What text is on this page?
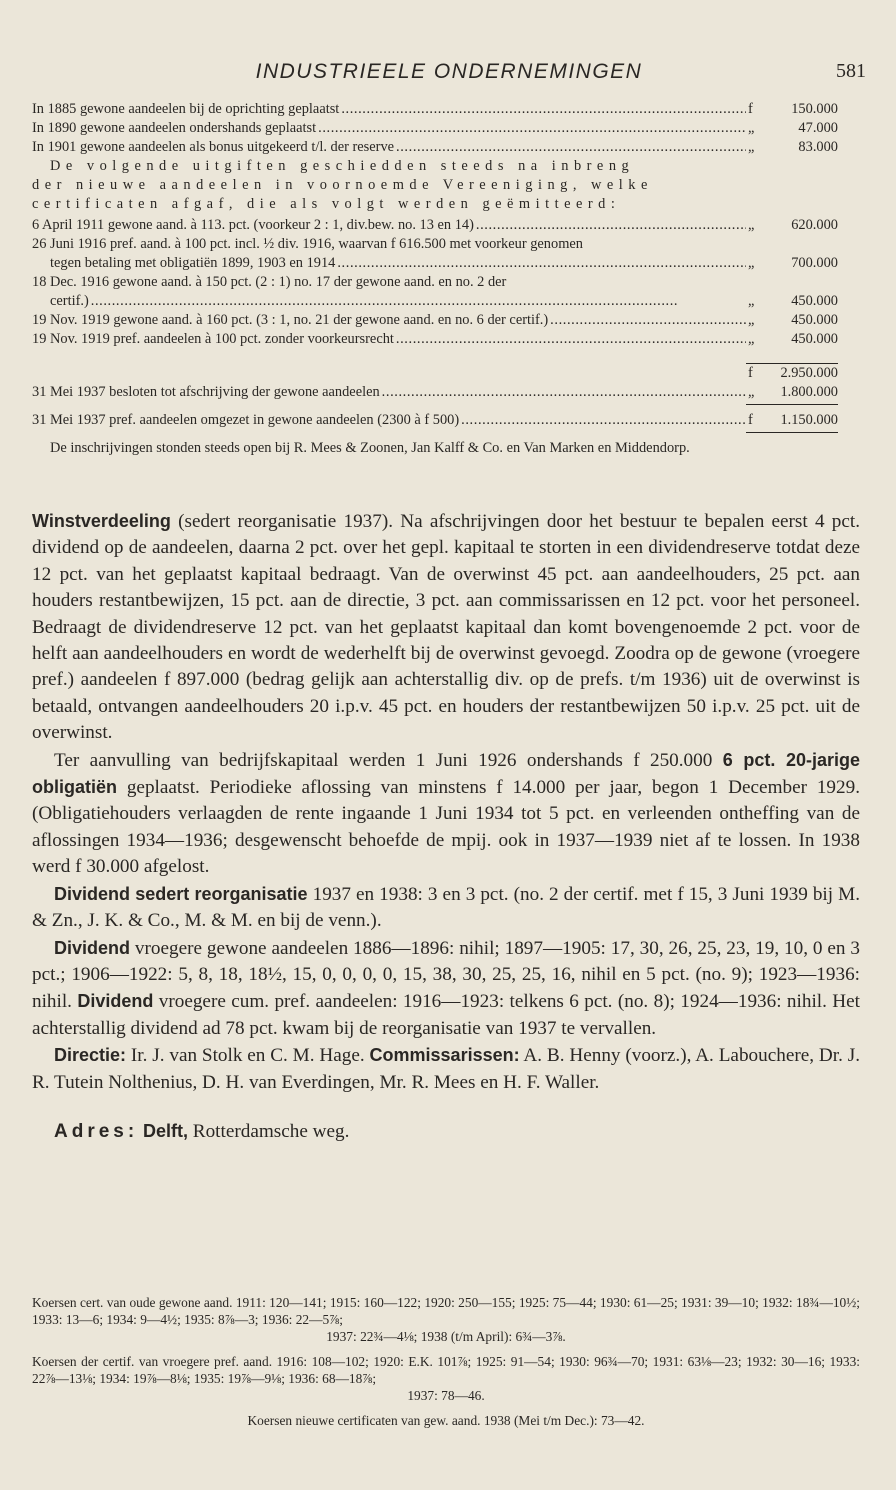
INDUSTRIEELE ONDERNEMINGEN	581
In 1885 gewone aandeelen bij de oprichting geplaatst . . .	f	150.000
In 1890 gewone aandeelen ondershands geplaatst . . .	„	47.000
In 1901 gewone aandeelen als bonus uitgekeerd t/l. der reserve . . .	„	83.000
De volgende uitgiften geschiedden steeds na inbreng
der nieuwe aandeelen in voornoemde Vereeniging, welke
certificaten afgaf, die als volgt werden geëmitteerd:
6 April 1911 gewone aand. à 113. pct. (voorkeur 2 : 1, div.bew. no. 13 en 14) . . .	„	620.000
26 Juni 1916 pref. aand. à 100 pct. incl. ½ div. 1916, waarvan f 616.500 met voorkeur genomen
tegen betaling met obligatiën 1899, 1903 en 1914 . . .	„	700.000
18 Dec. 1916 gewone aand. à 150 pct. (2 : 1) no. 17 der gewone aand. en no. 2 der
certif.) . . .	„	450.000
19 Nov. 1919 gewone aand. à 160 pct. (3 : 1, no. 21 der gewone aand. en no. 6 der certif.) . . .	„	450.000
19 Nov. 1919 pref. aandeelen à 100 pct. zonder voorkeursrecht . . .	„	450.000
f	2.950.000
31 Mei 1937 besloten tot afschrijving der gewone aandeelen . . .	„	1.800.000
31 Mei 1937 pref. aandeelen omgezet in gewone aandeelen (2300 à f 500) . . .	f	1.150.000
De inschrijvingen stonden steeds open bij R. Mees & Zoonen, Jan Kalff & Co. en Van Marken en Middendorp.

Winstverdeeling (sedert reorganisatie 1937). Na afschrijvingen door het bestuur te bepalen eerst 4 pct. dividend op de aandeelen, daarna 2 pct. over het gepl. kapitaal te storten in een dividendreserve totdat deze 12 pct. van het geplaatst kapitaal bedraagt. Van de overwinst 45 pct. aan aandeelhouders, 25 pct. aan houders restantbewijzen, 15 pct. aan de directie, 3 pct. aan commissarissen en 12 pct. voor het personeel. Bedraagt de dividendreserve 12 pct. van het geplaatst kapitaal dan komt bovengenoemde 2 pct. voor de helft aan aandeelhouders en wordt de wederhelft bij de overwinst gevoegd. Zoodra op de gewone (vroegere pref.) aandeelen f 897.000 (bedrag gelijk aan achterstallig div. op de prefs. t/m 1936) uit de overwinst is betaald, ontvangen aandeelhouders 20 i.p.v. 45 pct. en houders der restantbewijzen 50 i.p.v. 25 pct. uit de overwinst.

Ter aanvulling van bedrijfskapitaal werden 1 Juni 1926 ondershands f 250.000 6 pct. 20-jarige obligatiën geplaatst. Periodieke aflossing van minstens f 14.000 per jaar, begon 1 December 1929. (Obligatiehouders verlaagden de rente ingaande 1 Juni 1934 tot 5 pct. en verleenden ontheffing van de aflossingen 1934—1936; desgewenscht behoefde de mpij. ook in 1937—1939 niet af te lossen. In 1938 werd f 30.000 afgelost.

Dividend sedert reorganisatie 1937 en 1938: 3 en 3 pct. (no. 2 der certif. met f 15, 3 Juni 1939 bij M. & Zn., J. K. & Co., M. & M. en bij de venn.).

Dividend vroegere gewone aandeelen 1886—1896: nihil; 1897—1905: 17, 30, 26, 25, 23, 19, 10, 0 en 3 pct.; 1906—1922: 5, 8, 18, 18½, 15, 0, 0, 0, 0, 15, 38, 30, 25, 25, 16, nihil en 5 pct. (no. 9); 1923—1936: nihil. Dividend vroegere cum. pref. aandeelen: 1916—1923: telkens 6 pct. (no. 8); 1924—1936: nihil. Het achterstallig dividend ad 78 pct. kwam bij de reorganisatie van 1937 te vervallen.

Directie: Ir. J. van Stolk en C. M. Hage. Commissarissen: A. B. Henny (voorz.), A. Labouchere, Dr. J. R. Tutein Nolthenius, D. H. van Everdingen, Mr. R. Mees en H. F. Waller.

Adres: Delft, Rotterdamsche weg.

Koersen cert. van oude gewone aand. 1911: 120—141; 1915: 160—122; 1920: 250—155; 1925: 75—44; 1930: 61—25; 1931: 39—10; 1932: 18¾—10½; 1933: 13—6; 1934: 9—4½; 1935: 8⅞—3; 1936: 22—5⅞;

1937: 22¾—4⅛; 1938 (t/m April): 6¾—3⅞.

Koersen der certif. van vroegere pref. aand. 1916: 108—102; 1920: E.K. 101⅞; 1925: 91—54; 1930: 96¾—70; 1931: 63⅛—23; 1932: 30—16; 1933: 22⅞—13⅛; 1934: 19⅞—8⅛; 1935: 19⅞—9⅛; 1936: 68—18⅞;

1937: 78—46.

Koersen nieuwe certificaten van gew. aand. 1938 (Mei t/m Dec.): 73—42.
